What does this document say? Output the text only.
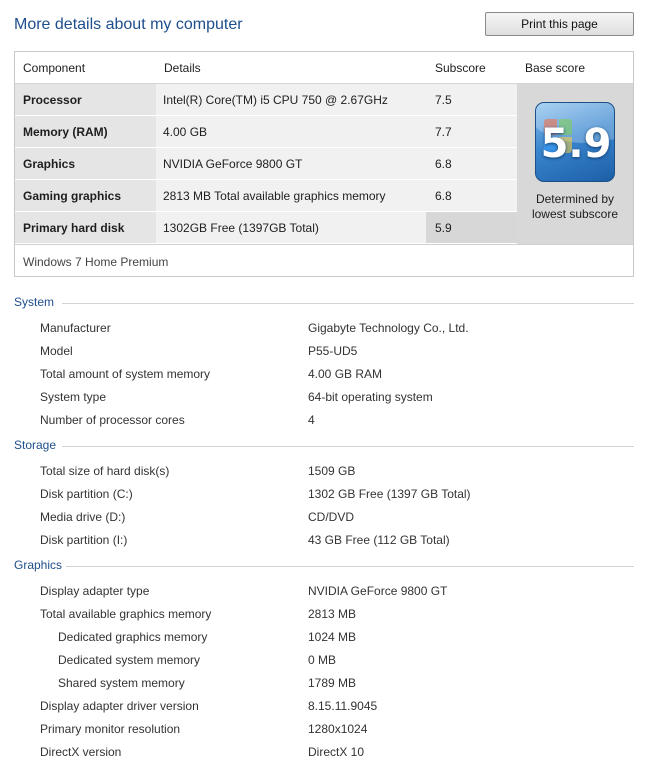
More details about my computer	Print this page
Component	Details	Subscore	Base score
Processor	Intel(R) Core(TM) i5 CPU 750 @ 2.67GHz	7.5
Memory (RAM)	4.00 GB	7.7
Graphics	NVIDIA GeForce 9800 GT	6.8
Gaming graphics	2813 MB Total available graphics memory	6.8
Primary hard disk	1302GB Free (1397GB Total)	5.9
5.9
Determined by
lowest subscore
Windows 7 Home Premium
System
Manufacturer	Gigabyte Technology Co., Ltd.
Model	P55-UD5
Total amount of system memory	4.00 GB RAM
System type	64-bit operating system
Number of processor cores	4
Storage
Total size of hard disk(s)	1509 GB
Disk partition (C:)	1302 GB Free (1397 GB Total)
Media drive (D:)	CD/DVD
Disk partition (I:)	43 GB Free (112 GB Total)
Graphics
Display adapter type	NVIDIA GeForce 9800 GT
Total available graphics memory	2813 MB
Dedicated graphics memory	1024 MB
Dedicated system memory	0 MB
Shared system memory	1789 MB
Display adapter driver version	8.15.11.9045
Primary monitor resolution	1280x1024
DirectX version	DirectX 10
